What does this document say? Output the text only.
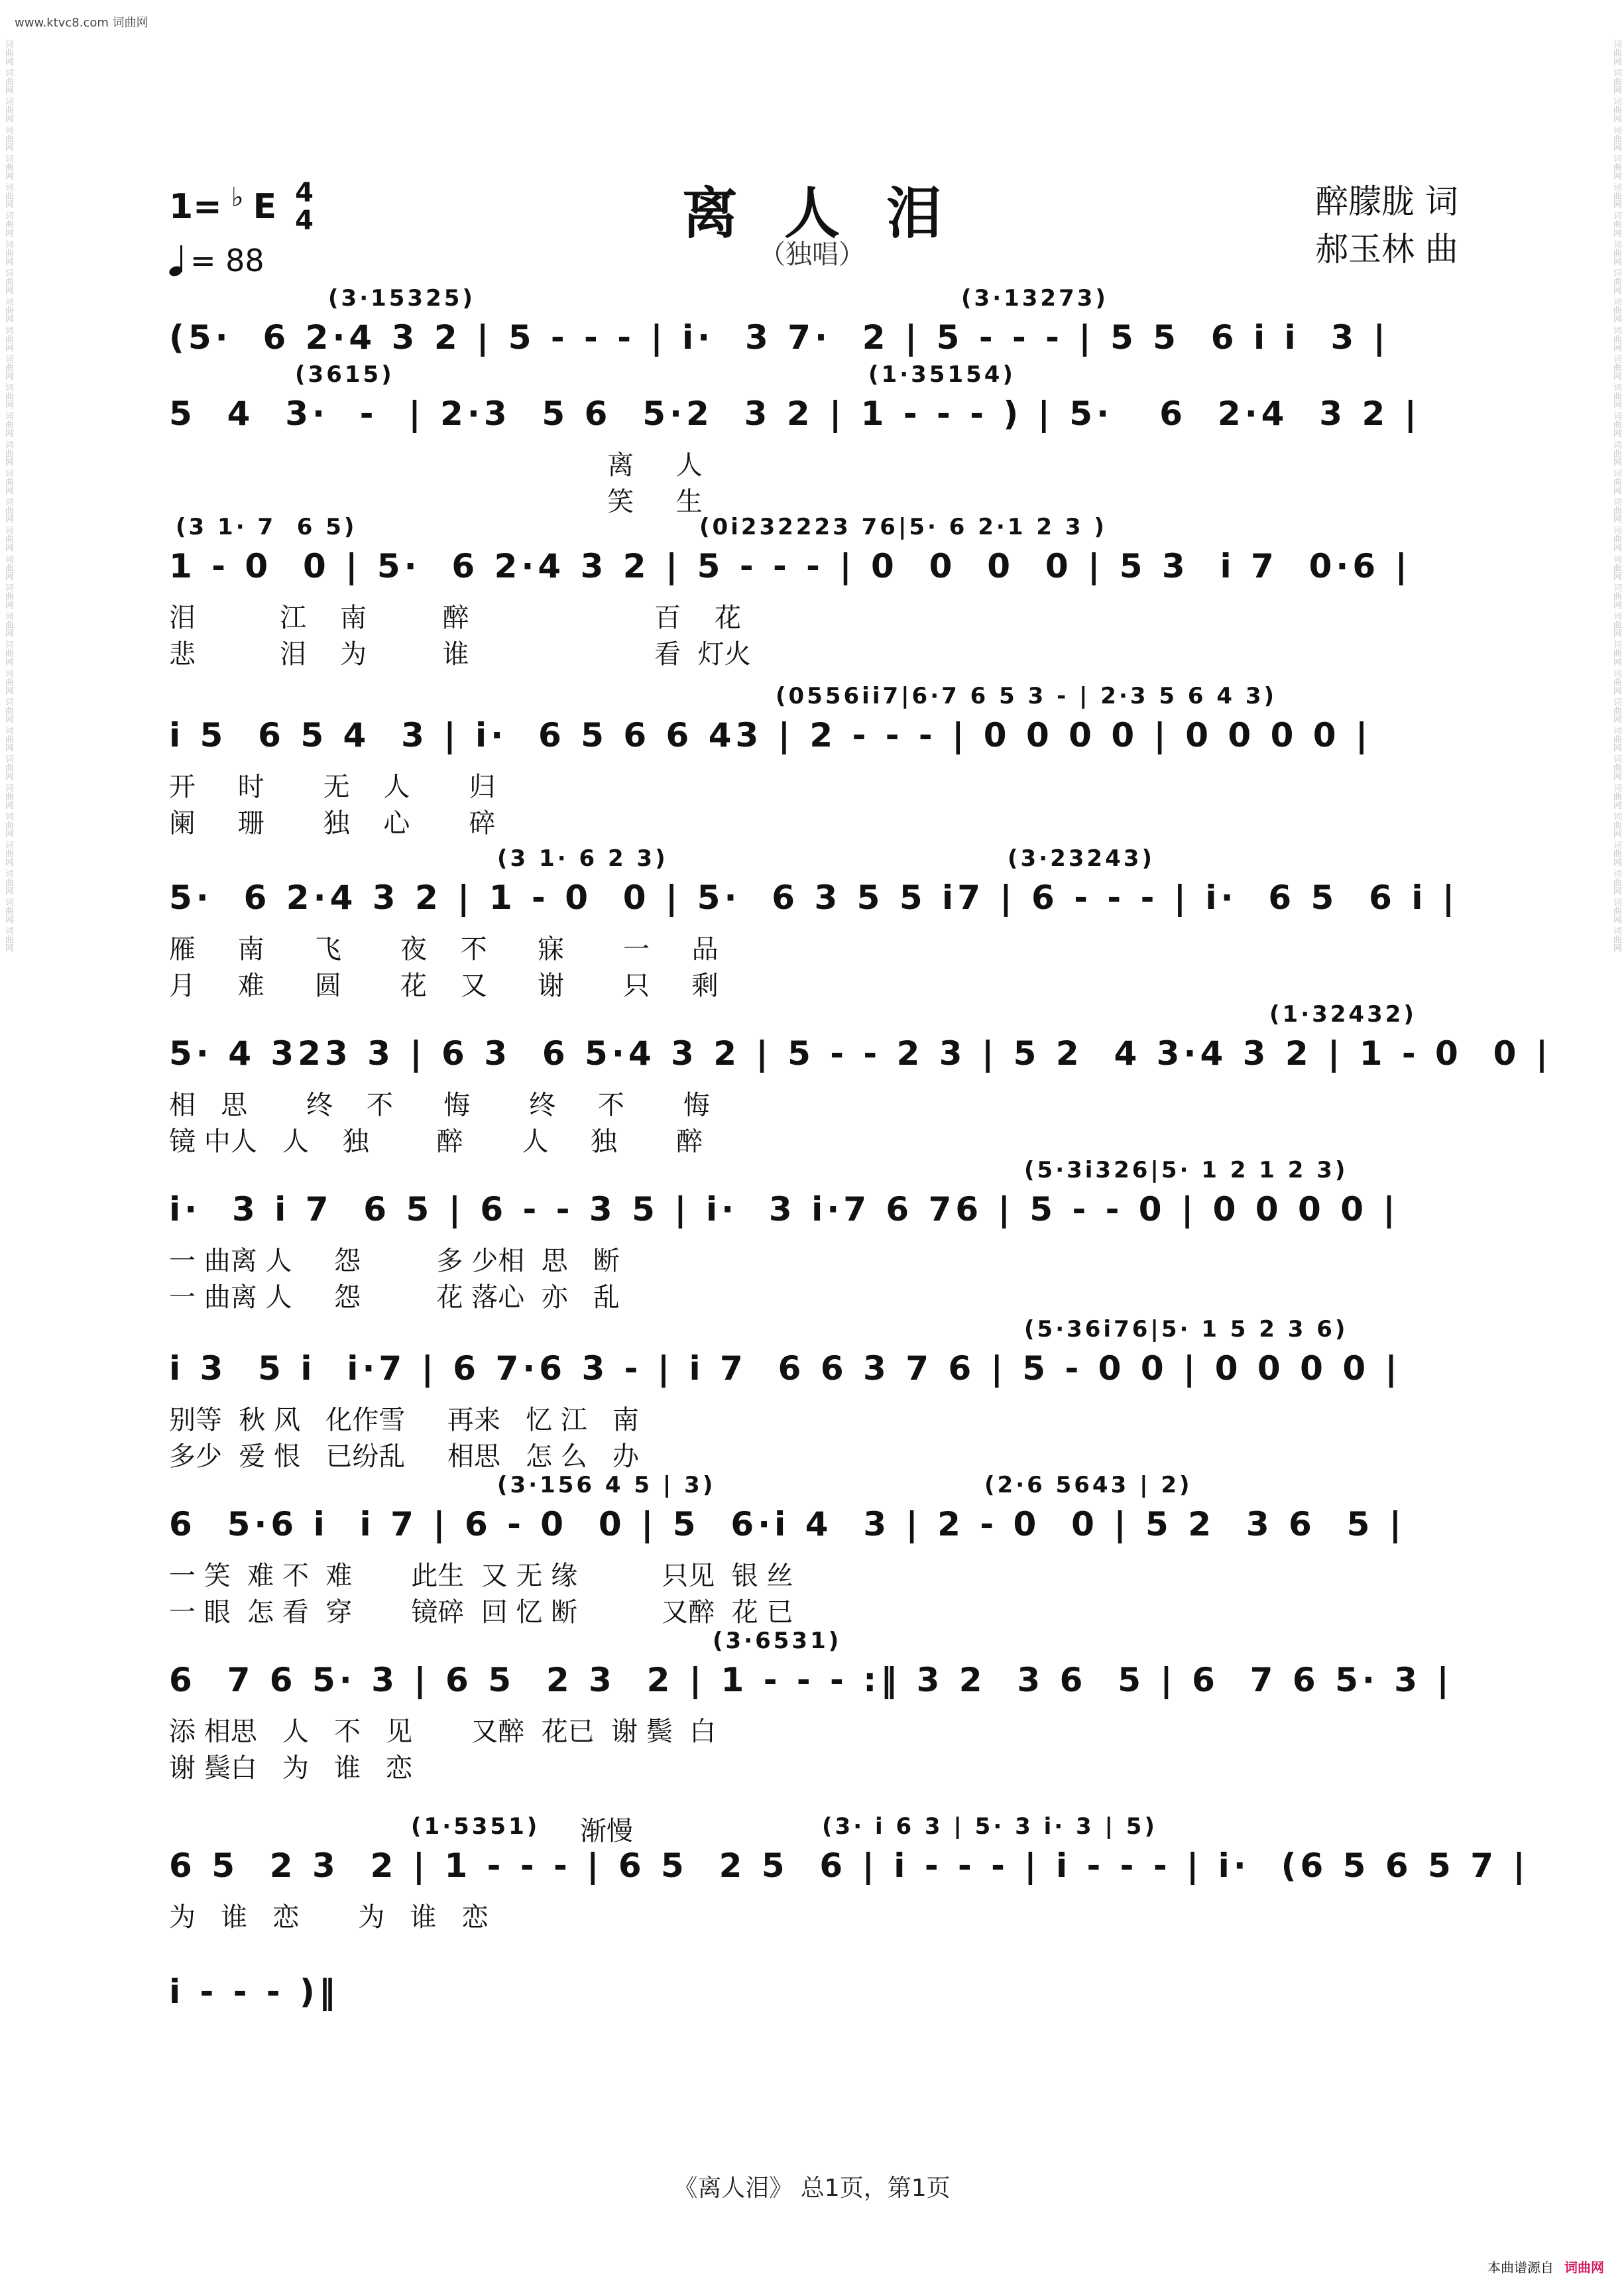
www.ktvc8.com 词曲网
词曲网 词曲网 词曲网 词曲网 词曲网 词曲网 词曲网 词曲网 词曲网 词曲网 词曲网 词曲网 词曲网 词曲网 词曲网 词曲网 词曲网 词曲网 词曲网 词曲网 词曲网 词曲网 词曲网 词曲网 词曲网 词曲网 词曲网 词曲网 词曲网 词曲网 词曲网 词曲网	词曲网 词曲网 词曲网 词曲网 词曲网 词曲网 词曲网 词曲网 词曲网 词曲网 词曲网 词曲网 词曲网 词曲网 词曲网 词曲网 词曲网 词曲网 词曲网 词曲网 词曲网 词曲网 词曲网 词曲网 词曲网 词曲网 词曲网 词曲网 词曲网 词曲网 词曲网 词曲网
1= ♭ E 4
4
= 88
离人泪
（独唱）
醉朦胧 词
郝玉林 曲
(3·15325)	(3·13273)
(5·  6 2·4 3 2 | 5 - - - | i·  3 7·  2 | 5 - - - | 5 5  6 i i  3 |
(3615)	(1·35154)
5  4  3·  -  | 2·3  5 6  5·2  3 2 | 1 - - - ) | 5·   6  2·4  3 2 |
离     人
笑     生
(3 1· 7  6 5)	(0i232223 76|5· 6 2·1 2 3 )
1 - 0  0 | 5·  6 2·4 3 2 | 5 - - - | 0  0  0  0 | 5 3  i 7  0·6 |
泪          江    南         醉                      百    花
悲          泪    为         谁                      看  灯火
(0556ii7|6·7 6 5 3 - | 2·3 5 6 4 3)
i 5  6 5 4  3 | i·  6 5 6 6 43 | 2 - - - | 0 0 0 0 | 0 0 0 0 |
开     时       无    人       归
阑     珊       独    心       碎
(3 1· 6 2 3)	(3·23243)
5·  6 2·4 3 2 | 1 - 0  0 | 5·  6 3 5 5 i7 | 6 - - - | i·  6 5  6 i |
雁     南      飞       夜    不      寐       一     品
月     难      圆       花    又      谢       只     剩
(1·32432)
5· 4 323 3 | 6 3  6 5·4 3 2 | 5 - - 2 3 | 5 2  4 3·4 3 2 | 1 - 0  0 |
相   思       终    不      悔       终     不       悔
镜 中人   人    独        醉       人     独       醉
(5·3i326|5· 1 2 1 2 3)
i·  3 i 7  6 5 | 6 - - 3 5 | i·  3 i·7 6 76 | 5 - - 0 | 0 0 0 0 |
一 曲离 人     怨         多 少相  思   断
一 曲离 人     怨         花 落心  亦   乱
(5·36i76|5· 1 5 2 3 6)
i 3  5 i  i·7 | 6 7·6 3 - | i 7  6 6 3 7 6 | 5 - 0 0 | 0 0 0 0 |
别等  秋 风   化作雪     再来   忆 江   南
多少  爱 恨   已纷乱     相思   怎 么   办
(3·156 4 5 | 3)	(2·6 5643 | 2)
6  5·6 i  i 7 | 6 - 0  0 | 5  6·i 4  3 | 2 - 0  0 | 5 2  3 6  5 |
一 笑  难 不  难       此生  又 无 缘          只见  银 丝
一 眼  怎 看  穿       镜碎  回 忆 断          又醉  花 已
(3·6531)
6  7 6 5· 3 | 6 5  2 3  2 | 1 - - - :‖ 3 2  3 6  5 | 6  7 6 5· 3 |
添 相思   人   不   见       又醉  花已  谢 鬓  白
谢 鬓白   为   谁   恋
(1·5351)	(3· i 6 3 | 5· 3 i· 3 | 5)
渐慢
6 5  2 3  2 | 1 - - - | 6 5  2 5  6 | i - - - | i - - - | i·  (6 5 6 5 7 |
为   谁   恋       为   谁   恋
i - - - )‖
《离人泪》 总1页，第1页
本曲谱源自 词曲网
